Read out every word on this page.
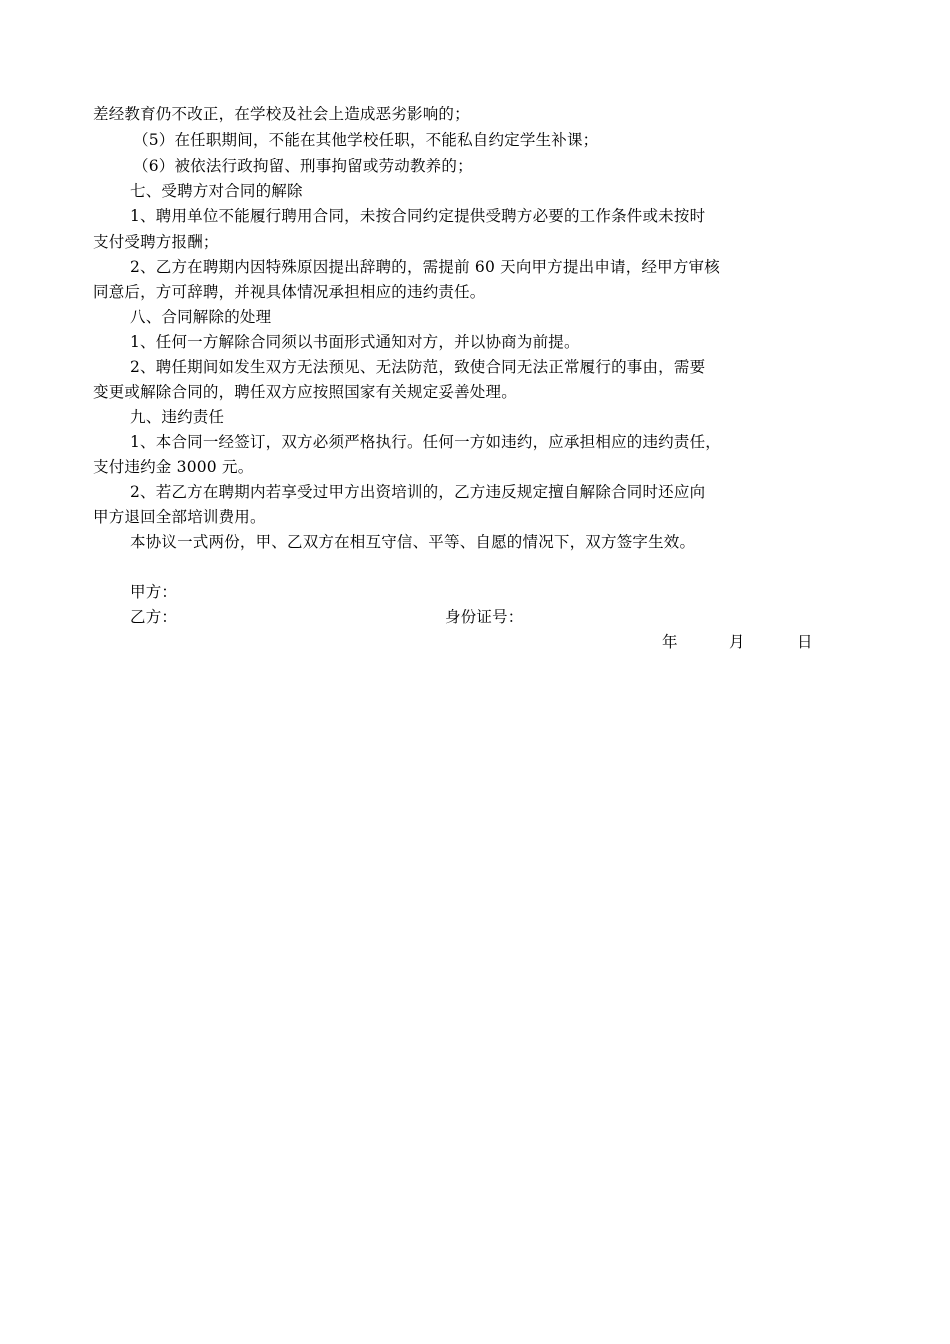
差经教育仍不改正，在学校及社会上造成恶劣影响的；
（5）在任职期间，不能在其他学校任职，不能私自约定学生补课；
（6）被依法行政拘留、刑事拘留或劳动教养的；
七、受聘方对合同的解除
1、聘用单位不能履行聘用合同，未按合同约定提供受聘方必要的工作条件或未按时
支付受聘方报酬；
2、乙方在聘期内因特殊原因提出辞聘的，需提前 60 天向甲方提出申请，经甲方审核
同意后，方可辞聘，并视具体情况承担相应的违约责任。
八、合同解除的处理
1、任何一方解除合同须以书面形式通知对方，并以协商为前提。
2、聘任期间如发生双方无法预见、无法防范，致使合同无法正常履行的事由，需要
变更或解除合同的，聘任双方应按照国家有关规定妥善处理。
九、违约责任
1、本合同一经签订，双方必须严格执行。任何一方如违约，应承担相应的违约责任，
支付违约金 3000 元。
2、若乙方在聘期内若享受过甲方出资培训的，乙方违反规定擅自解除合同时还应向
甲方退回全部培训费用。
本协议一式两份，甲、乙双方在相互守信、平等、自愿的情况下，双方签字生效。
甲方：
乙方：	身份证号：
年	月	日
